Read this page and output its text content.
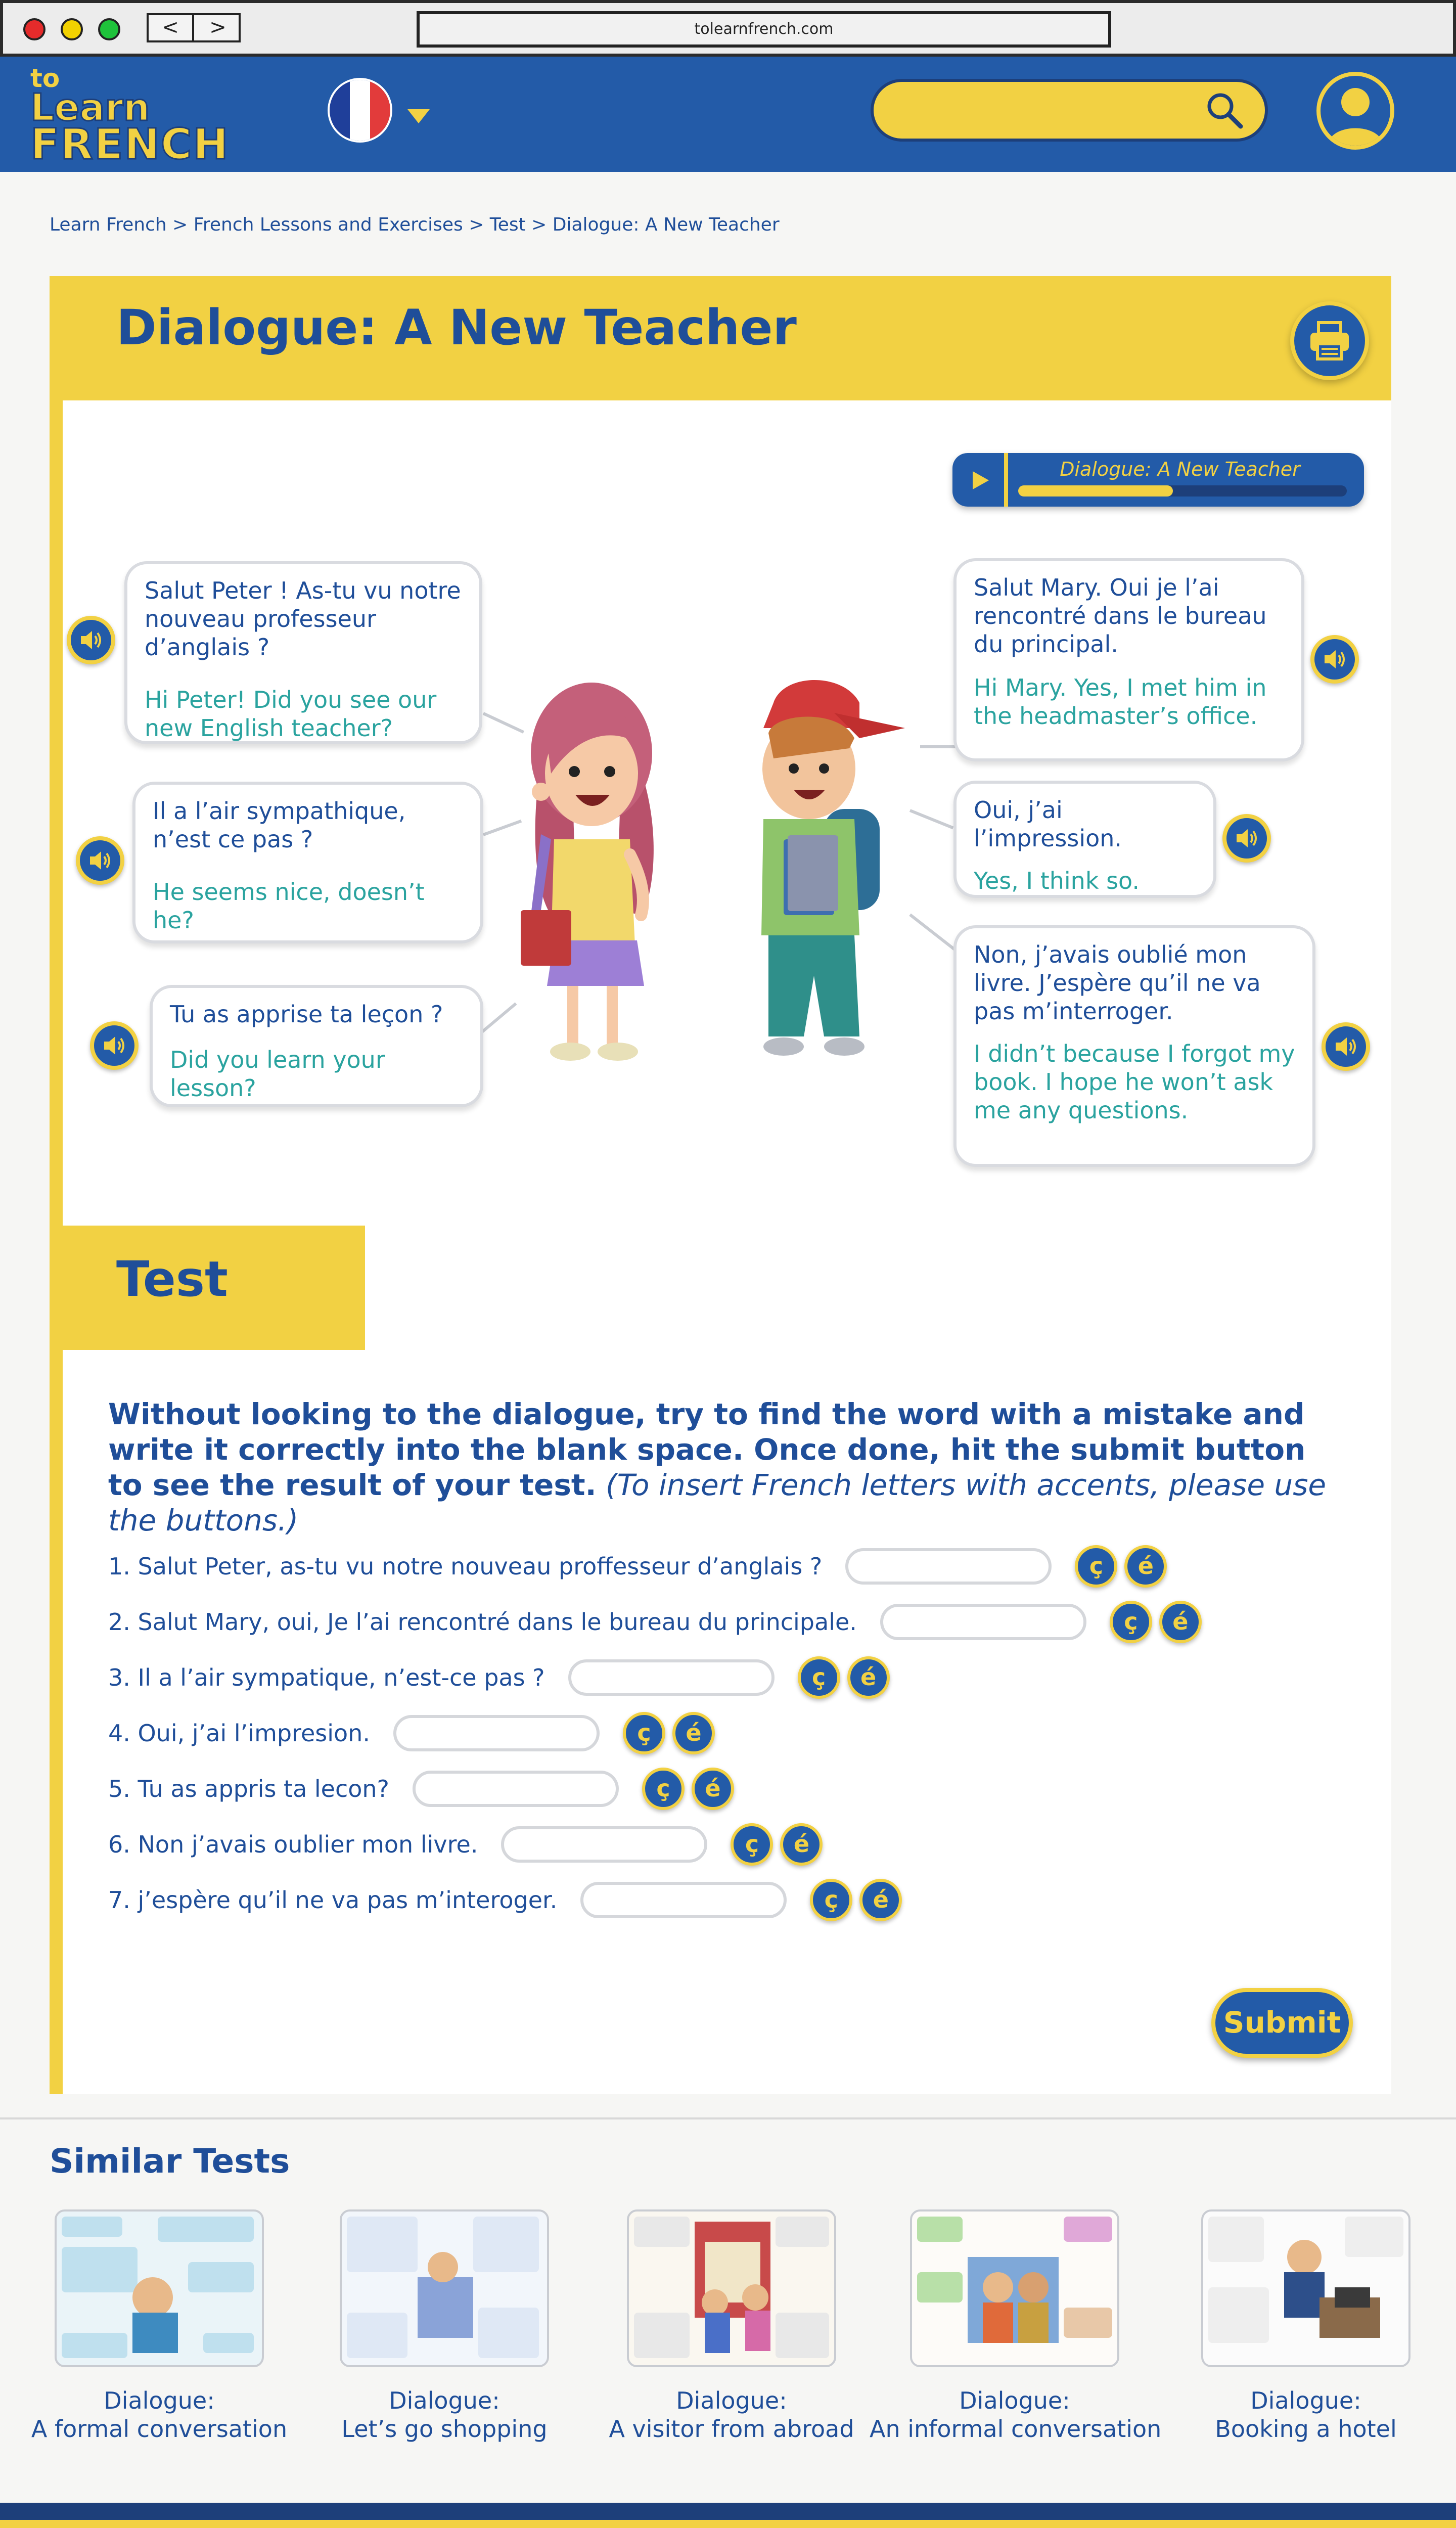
<	>	tolearnfrench.com
to
Learn
FRENCH
Learn French > French Lessons and Exercises > Test > Dialogue: A New Teacher
Dialogue: A New Teacher
Dialogue: A New Teacher
Salut Peter ! As-tu vu notre nouveau professeur d’anglais ?
Hi Peter! Did you see our new English teacher?
Il a l’air sympathique, n’est ce pas ?
He seems nice, doesn’t he?
Tu as apprise ta leçon ?
Did you learn your lesson?
Salut Mary. Oui je l’ai rencontré dans le bureau du principal.
Hi Mary. Yes, I met him in the headmaster’s office.
Oui, j’ai l’impression.
Yes, I think so.
Non, j’avais oublié mon livre. J’espère qu’il ne va pas m’interroger.
I didn’t because I forgot my book. I hope he won’t ask me any questions.
Test
Without looking to the dialogue, try to find the word with a mistake and write it correctly into the blank space. Once done, hit the submit button to see the result of your test. (To insert French letters with accents, please use the buttons.)
1. Salut Peter, as-tu vu notre nouveau proffesseur d’anglais ?	ç	é
2. Salut Mary, oui, Je l’ai rencontré dans le bureau du principale.	ç	é
3. Il a l’air sympatique, n’est-ce pas ?	ç	é
4. Oui, j’ai l’impresion.	ç	é
5. Tu as appris ta lecon?	ç	é
6. Non j’avais oublier mon livre.	ç	é
7. j’espère qu’il ne va pas m’interoger.	ç	é
Submit
Similar Tests
Dialogue:
A formal conversation
Dialogue:
Let’s go shopping
Dialogue:
A visitor from abroad
Dialogue:
An informal conversation
Dialogue:
Booking a hotel
